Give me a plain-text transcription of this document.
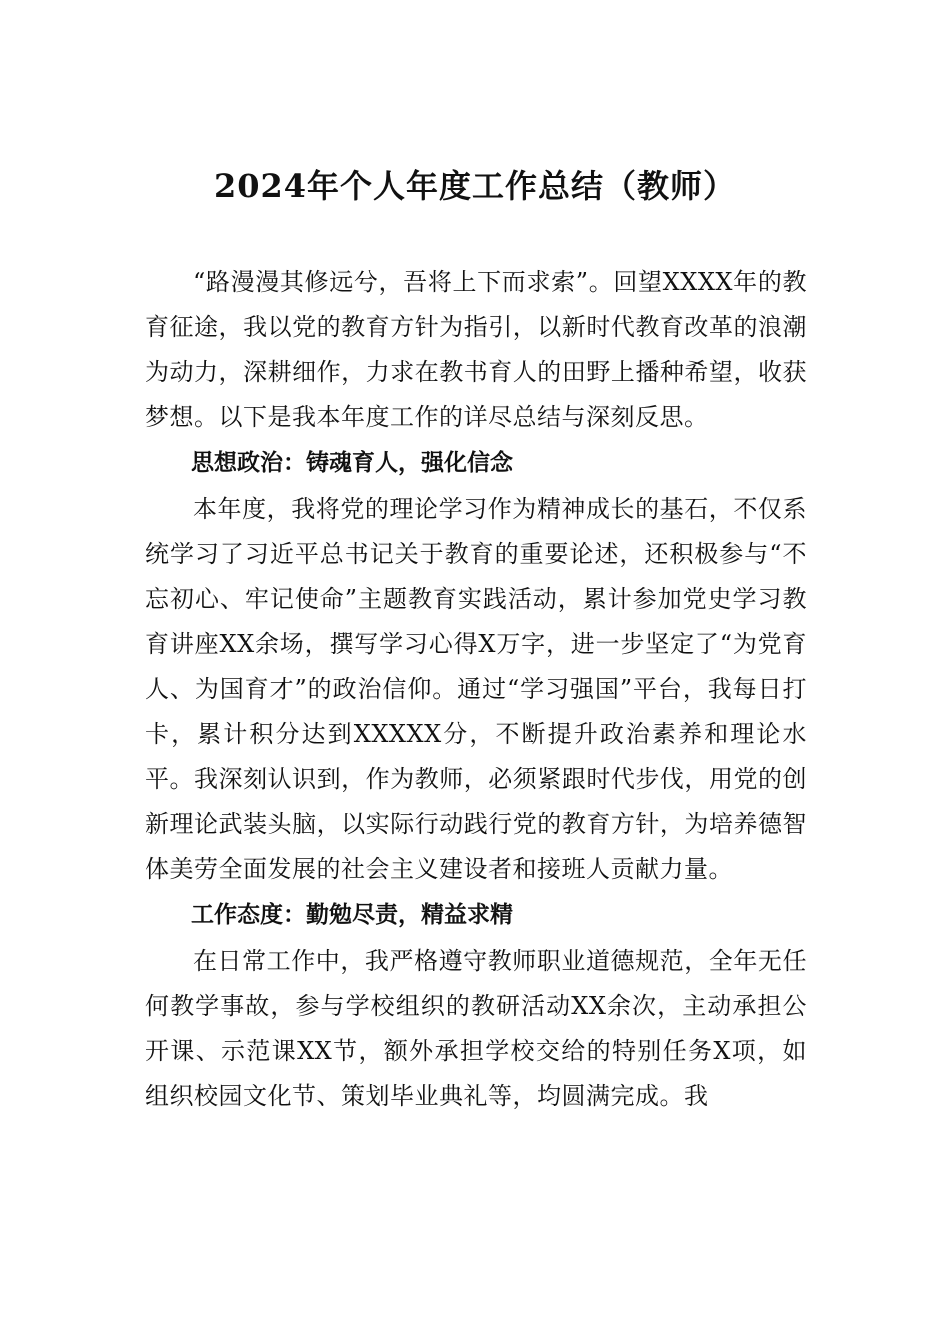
2024年个人年度工作总结（教师）

“路漫漫其修远兮，吾将上下而求索”。回望XXXX年的教育征途，我以党的教育方针为指引，以新时代教育改革的浪潮为动力，深耕细作，力求在教书育人的田野上播种希望，收获梦想。以下是我本年度工作的详尽总结与深刻反思。

思想政治：铸魂育人，强化信念

本年度，我将党的理论学习作为精神成长的基石，不仅系统学习了习近平总书记关于教育的重要论述，还积极参与“不忘初心、牢记使命”主题教育实践活动，累计参加党史学习教育讲座XX余场，撰写学习心得X万字，进一步坚定了“为党育人、为国育才”的政治信仰。通过“学习强国”平台，我每日打卡，累计积分达到XXXXX分，不断提升政治素养和理论水平。我深刻认识到，作为教师，必须紧跟时代步伐，用党的创新理论武装头脑，以实际行动践行党的教育方针，为培养德智体美劳全面发展的社会主义建设者和接班人贡献力量。

工作态度：勤勉尽责，精益求精

在日常工作中，我严格遵守教师职业道德规范，全年无任何教学事故，参与学校组织的教研活动XX余次，主动承担公开课、示范课XX节，额外承担学校交给的特别任务X项，如组织校园文化节、策划毕业典礼等，均圆满完成。我
